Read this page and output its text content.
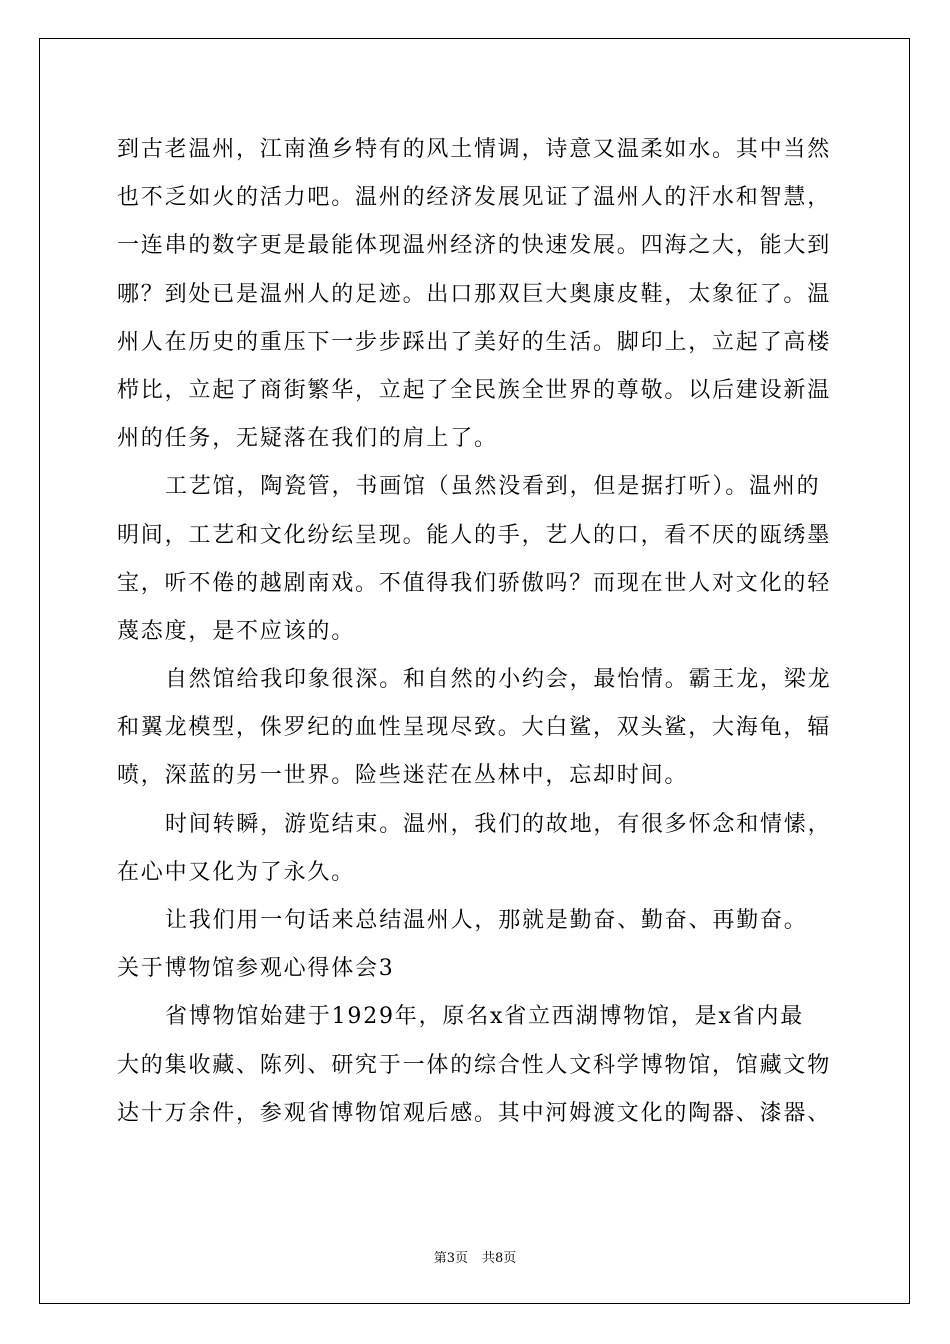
到古老温州，江南渔乡特有的风土情调，诗意又温柔如水。其中当然
也不乏如火的活力吧。温州的经济发展见证了温州人的汗水和智慧，
一连串的数字更是最能体现温州经济的快速发展。四海之大，能大到
哪？到处已是温州人的足迹。出口那双巨大奥康皮鞋，太象征了。温
州人在历史的重压下一步步踩出了美好的生活。脚印上，立起了高楼
栉比，立起了商街繁华，立起了全民族全世界的尊敬。以后建设新温
州的任务，无疑落在我们的肩上了。
工艺馆，陶瓷管，书画馆（虽然没看到，但是据打听）。温州的
明间，工艺和文化纷纭呈现。能人的手，艺人的口，看不厌的瓯绣墨
宝，听不倦的越剧南戏。不值得我们骄傲吗？而现在世人对文化的轻
蔑态度，是不应该的。
自然馆给我印象很深。和自然的小约会，最怡情。霸王龙，梁龙
和翼龙模型，侏罗纪的血性呈现尽致。大白鲨，双头鲨，大海龟，辐
喷，深蓝的另一世界。险些迷茫在丛林中，忘却时间。
时间转瞬，游览结束。温州，我们的故地，有很多怀念和情愫，
在心中又化为了永久。
让我们用一句话来总结温州人，那就是勤奋、勤奋、再勤奋。
关于博物馆参观心得体会3
省博物馆始建于1929年，原名x省立西湖博物馆，是x省内最
大的集收藏、陈列、研究于一体的综合性人文科学博物馆，馆藏文物
达十万余件，参观省博物馆观后感。其中河姆渡文化的陶器、漆器、
第3页 共8页
